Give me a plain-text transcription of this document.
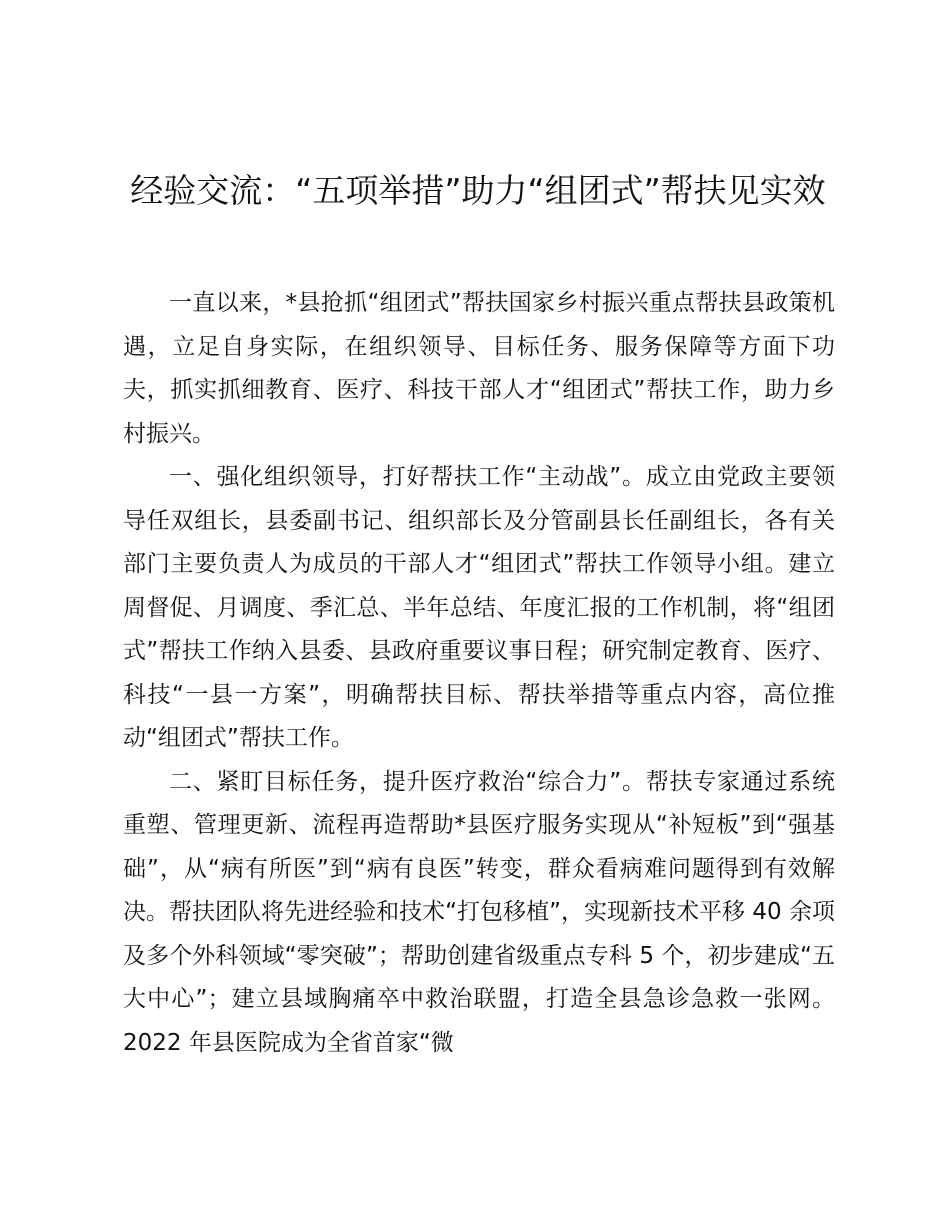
经验交流：“五项举措”助力“组团式”帮扶见实效

一直以来，*县抢抓“组团式”帮扶国家乡村振兴重点帮扶县政策机遇，立足自身实际，在组织领导、目标任务、服务保障等方面下功夫，抓实抓细教育、医疗、科技干部人才“组团式”帮扶工作，助力乡村振兴。

一、强化组织领导，打好帮扶工作“主动战”。成立由党政主要领导任双组长，县委副书记、组织部长及分管副县长任副组长，各有关部门主要负责人为成员的干部人才“组团式”帮扶工作领导小组。建立周督促、月调度、季汇总、半年总结、年度汇报的工作机制，将“组团式”帮扶工作纳入县委、县政府重要议事日程；研究制定教育、医疗、科技“一县一方案”，明确帮扶目标、帮扶举措等重点内容，高位推动“组团式”帮扶工作。

二、紧盯目标任务，提升医疗救治“综合力”。帮扶专家通过系统重塑、管理更新、流程再造帮助*县医疗服务实现从“补短板”到“强基础”，从“病有所医”到“病有良医”转变，群众看病难问题得到有效解决。帮扶团队将先进经验和技术“打包移植”，实现新技术平移 40 余项及多个外科领域“零突破”；帮助创建省级重点专科 5 个，初步建成“五大中心”；建立县域胸痛卒中救治联盟，打造全县急诊急救一张网。2022 年县医院成为全省首家“微
